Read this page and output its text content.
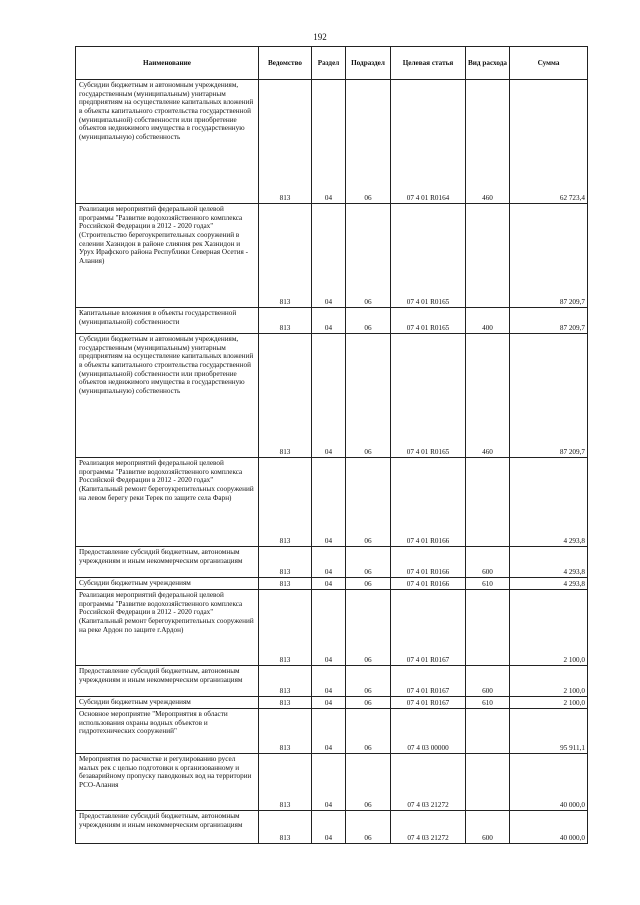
192
Наименование	Ведомство	Раздел	Подраздел	Целевая статья	Вид расхода	Сумма

Субсидии бюджетным и автономным учреждениям, государственным (муниципальным) унитарным предприятиям на осуществление капитальных вложений в объекты капитального строительства государственной (муниципальной) собственности или приобретение объектов недвижимого имущества в государственную (муниципальную) собственность	813	04	06	07 4 01 R0164	460	62 723,4

Реализация мероприятий федеральной целевой программы "Развитие водохозяйственного комплекса Российской Федерации в 2012 - 2020 годах" (Строительство берегоукрепительных сооружений в селении Хазнидон в районе слияния рек Хазнидон и Урух Ирафского района Республики Северная Осетия - Алания)	813	04	06	07 4 01 R0165		87 209,7

Капитальные вложения в объекты государственной (муниципальной) собственности	813	04	06	07 4 01 R0165	400	87 209,7

Субсидии бюджетным и автономным учреждениям, государственным (муниципальным) унитарным предприятиям на осуществление капитальных вложений в объекты капитального строительства государственной (муниципальной) собственности или приобретение объектов недвижимого имущества в государственную (муниципальную) собственность	813	04	06	07 4 01 R0165	460	87 209,7

Реализация мероприятий федеральной целевой программы "Развитие водохозяйственного комплекса Российской Федерации в 2012 - 2020 годах" (Капитальный ремонт берегоукрепительных сооружений на левом берегу реки Терек по защите села Фарн)	813	04	06	07 4 01 R0166		4 293,8

Предоставление субсидий бюджетным, автономным учреждениям и иным некоммерческим организациям	813	04	06	07 4 01 R0166	600	4 293,8

Субсидии бюджетным учреждениям	813	04	06	07 4 01 R0166	610	4 293,8

Реализация мероприятий федеральной целевой программы "Развитие водохозяйственного комплекса Российской Федерации в 2012 - 2020 годах" (Капитальный ремонт берегоукрепительных сооружений на реке Ардон по защите г.Ардон)	813	04	06	07 4 01 R0167		2 100,0

Предоставление субсидий бюджетным, автономным учреждениям и иным некоммерческим организациям	813	04	06	07 4 01 R0167	600	2 100,0

Субсидии бюджетным учреждениям	813	04	06	07 4 01 R0167	610	2 100,0

Основное мероприятие "Мероприятия в области использования охраны водных объектов и гидротехнических сооружений"	813	04	06	07 4 03 00000		95 911,1

Мероприятия по расчистке и регулированию русел малых рек с целью подготовки к организованному и безаварийному пропуску паводковых вод на территории РСО-Алания	813	04	06	07 4 03 21272		40 000,0

Предоставление субсидий бюджетным, автономным учреждениям и иным некоммерческим организациям	813	04	06	07 4 03 21272	600	40 000,0
